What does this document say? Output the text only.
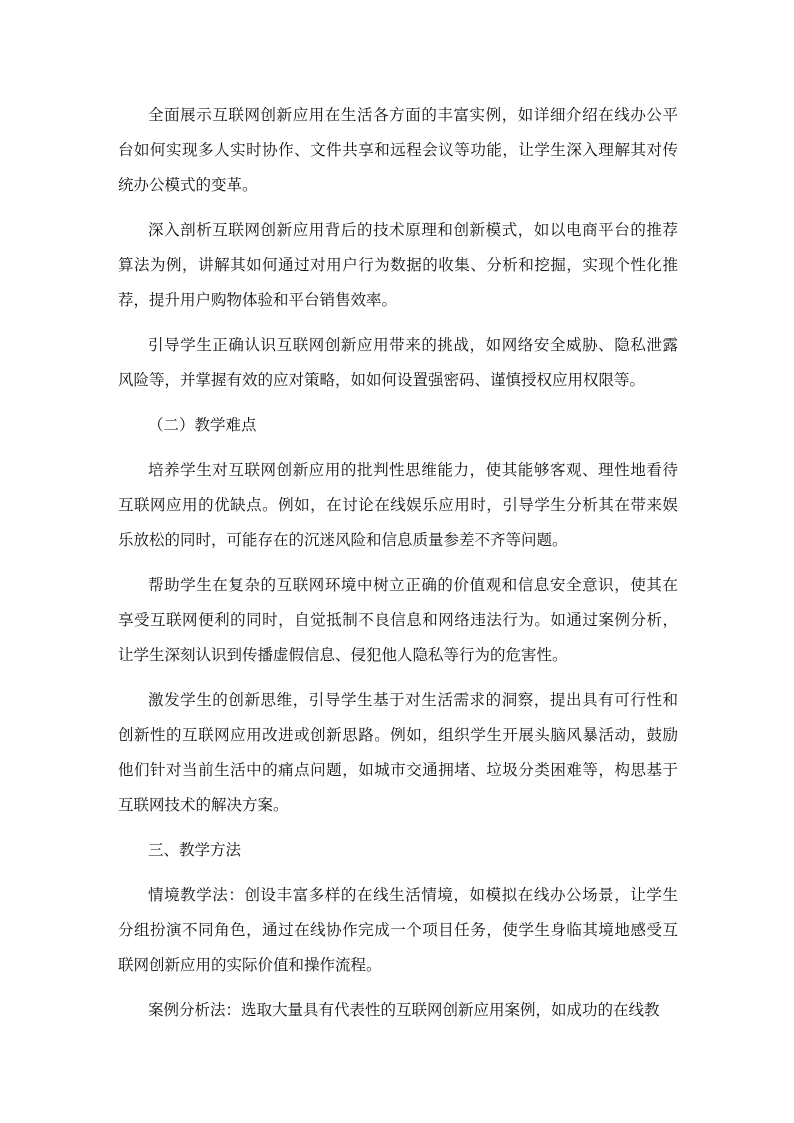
全面展示互联网创新应用在生活各方面的丰富实例，如详细介绍在线办公平
台如何实现多人实时协作、文件共享和远程会议等功能，让学生深入理解其对传
统办公模式的变革。
深入剖析互联网创新应用背后的技术原理和创新模式，如以电商平台的推荐
算法为例，讲解其如何通过对用户行为数据的收集、分析和挖掘，实现个性化推
荐，提升用户购物体验和平台销售效率。
引导学生正确认识互联网创新应用带来的挑战，如网络安全威胁、隐私泄露
风险等，并掌握有效的应对策略，如如何设置强密码、谨慎授权应用权限等。
（二）教学难点
培养学生对互联网创新应用的批判性思维能力，使其能够客观、理性地看待
互联网应用的优缺点。例如，在讨论在线娱乐应用时，引导学生分析其在带来娱
乐放松的同时，可能存在的沉迷风险和信息质量参差不齐等问题。
帮助学生在复杂的互联网环境中树立正确的价值观和信息安全意识，使其在
享受互联网便利的同时，自觉抵制不良信息和网络违法行为。如通过案例分析，
让学生深刻认识到传播虚假信息、侵犯他人隐私等行为的危害性。
激发学生的创新思维，引导学生基于对生活需求的洞察，提出具有可行性和
创新性的互联网应用改进或创新思路。例如，组织学生开展头脑风暴活动，鼓励
他们针对当前生活中的痛点问题，如城市交通拥堵、垃圾分类困难等，构思基于
互联网技术的解决方案。
三、教学方法
情境教学法：创设丰富多样的在线生活情境，如模拟在线办公场景，让学生
分组扮演不同角色，通过在线协作完成一个项目任务，使学生身临其境地感受互
联网创新应用的实际价值和操作流程。
案例分析法：选取大量具有代表性的互联网创新应用案例，如成功的在线教
